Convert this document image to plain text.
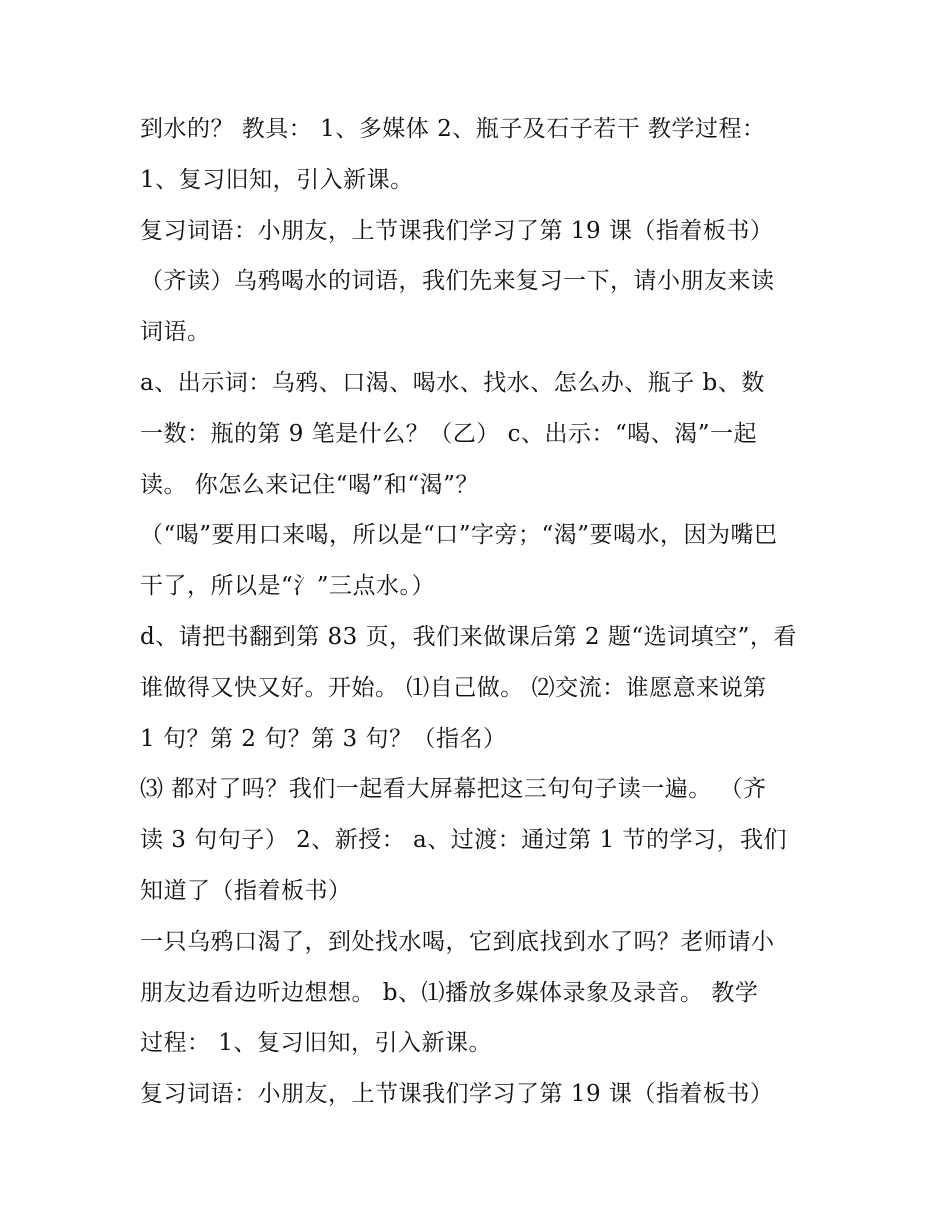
到水的？ 教具： 1、多媒体 2、瓶子及石子若干 教学过程：
1、复习旧知，引入新课。
复习词语：小朋友，上节课我们学习了第 19 课（指着板书）
（齐读）乌鸦喝水的词语，我们先来复习一下，请小朋友来读
词语。
a、出示词：乌鸦、口渴、喝水、找水、怎么办、瓶子 b、数
一数：瓶的第 9 笔是什么？（乙） c、出示：“喝、渴”一起
读。 你怎么来记住“喝”和“渴”？
（“喝”要用口来喝，所以是“口”字旁；“渴”要喝水，因为嘴巴
干了，所以是“氵”三点水。）
d、请把书翻到第 83 页，我们来做课后第 2 题“选词填空”，看
谁做得又快又好。开始。 ⑴自己做。 ⑵交流：谁愿意来说第
1 句？第 2 句？第 3 句？（指名）
⑶ 都对了吗？我们一起看大屏幕把这三句句子读一遍。 （齐
读 3 句句子） 2、新授： a、过渡：通过第 1 节的学习，我们
知道了（指着板书）
一只乌鸦口渴了，到处找水喝，它到底找到水了吗？老师请小
朋友边看边听边想想。 b、⑴播放多媒体录象及录音。 教学
过程： 1、复习旧知，引入新课。
复习词语：小朋友，上节课我们学习了第 19 课（指着板书）
